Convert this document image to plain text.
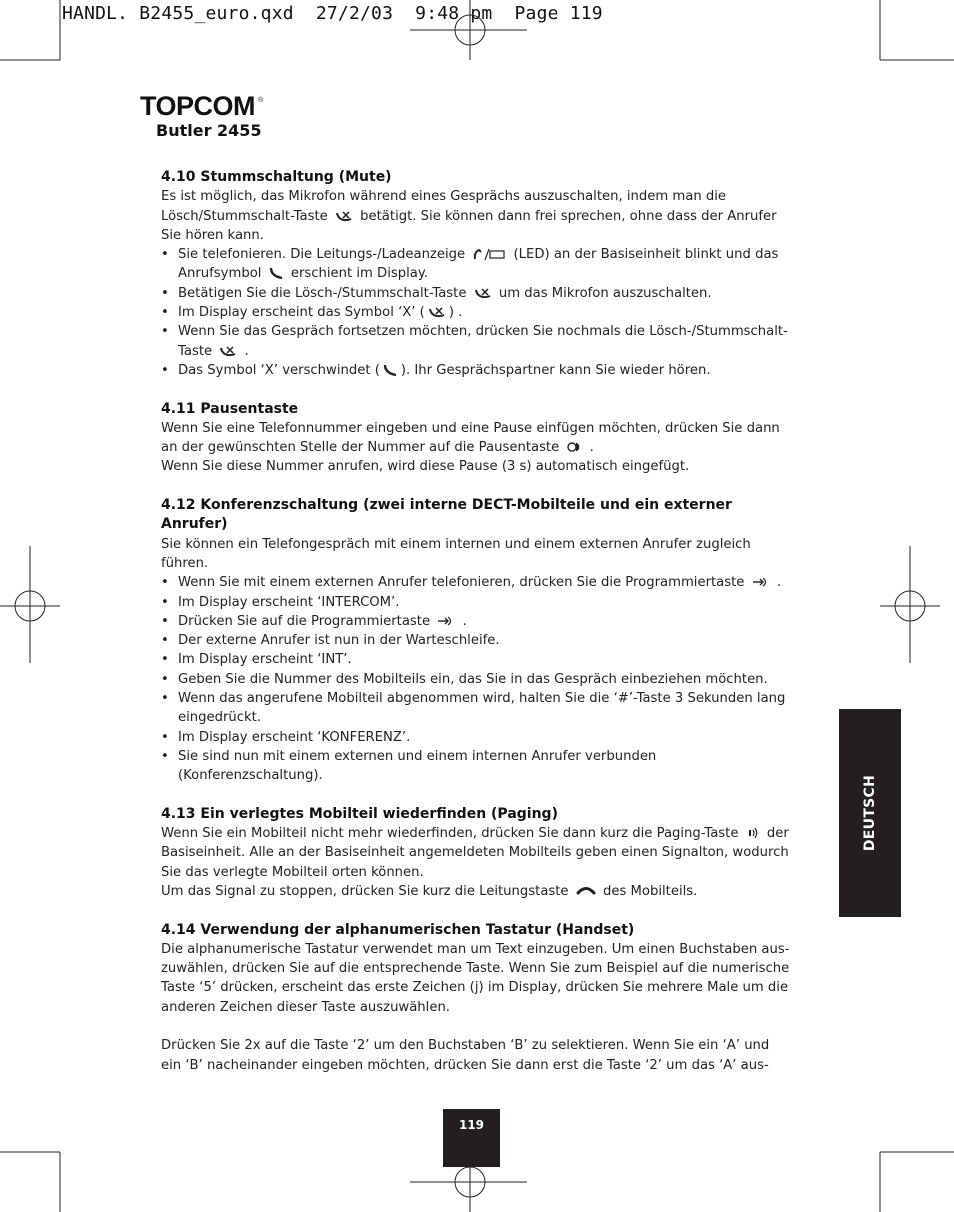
HANDL. B2455_euro.qxd  27/2/03  9:48 pm  Page 119
TOPCOM ®
Butler 2455
4.10 Stummschaltung (Mute)

Es ist möglich, das Mikrofon während eines Gesprächs auszuschalten, indem man die
Lösch/Stummschalt-Taste betätigt. Sie können dann frei sprechen, ohne dass der Anrufer
Sie hören kann.

• Sie telefonieren. Die Leitungs-/Ladeanzeige	(LED) an der Basiseinheit blinkt und das
Anrufsymbol erschient im Display.
• Betätigen Sie die Lösch-/Stummschalt-Taste um das Mikrofon auszuschalten.
• Im Display erscheint das Symbol ‘X’ ( ) .
• Wenn Sie das Gespräch fortsetzen möchten, drücken Sie nochmals die Lösch-/Stummschalt-
Taste .
• Das Symbol ‘X’ verschwindet ( ). Ihr Gesprächspartner kann Sie wieder hören.
4.11 Pausentaste

Wenn Sie eine Telefonnummer eingeben und eine Pause einfügen möchten, drücken Sie dann
an der gewünschten Stelle der Nummer auf die Pausentaste .
Wenn Sie diese Nummer anrufen, wird diese Pause (3 s) automatisch eingefügt.

4.12 Konferenzschaltung (zwei interne DECT-Mobilteile und ein externer Anrufer)

Sie können ein Telefongespräch mit einem internen und einem externen Anrufer zugleich
führen.

• Wenn Sie mit einem externen Anrufer telefonieren, drücken Sie die Programmiertaste .
• Im Display erscheint ‘INTERCOM’.
• Drücken Sie auf die Programmiertaste .
• Der externe Anrufer ist nun in der Warteschleife.
• Im Display erscheint ‘INT’.
• Geben Sie die Nummer des Mobilteils ein, das Sie in das Gespräch einbeziehen möchten.
• Wenn das angerufene Mobilteil abgenommen wird, halten Sie die ‘#’-Taste 3 Sekunden lang
eingedrückt.
• Im Display erscheint ‘KONFERENZ’.
• Sie sind nun mit einem externen und einem internen Anrufer verbunden
(Konferenzschaltung).
4.13 Ein verlegtes Mobilteil wiederfinden (Paging)

Wenn Sie ein Mobilteil nicht mehr wiederfinden, drücken Sie dann kurz die Paging-Taste der
Basiseinheit. Alle an der Basiseinheit angemeldeten Mobilteils geben einen Signalton, wodurch
Sie das verlegte Mobilteil orten können.
Um das Signal zu stoppen, drücken Sie kurz die Leitungstaste	des Mobilteils.

4.14 Verwendung der alphanumerischen Tastatur (Handset)

Die alphanumerische Tastatur verwendet man um Text einzugeben. Um einen Buchstaben aus-
zuwählen, drücken Sie auf die entsprechende Taste. Wenn Sie zum Beispiel auf die numerische
Taste ‘5’ drücken, erscheint das erste Zeichen (j) im Display, drücken Sie mehrere Male um die
anderen Zeichen dieser Taste auszuwählen.

Drücken Sie 2x auf die Taste ‘2’ um den Buchstaben ‘B’ zu selektieren. Wenn Sie ein ‘A’ und
ein ‘B’ nacheinander eingeben möchten, drücken Sie dann erst die Taste ‘2’ um das ‘A’ aus-

DEUTSCH
119
